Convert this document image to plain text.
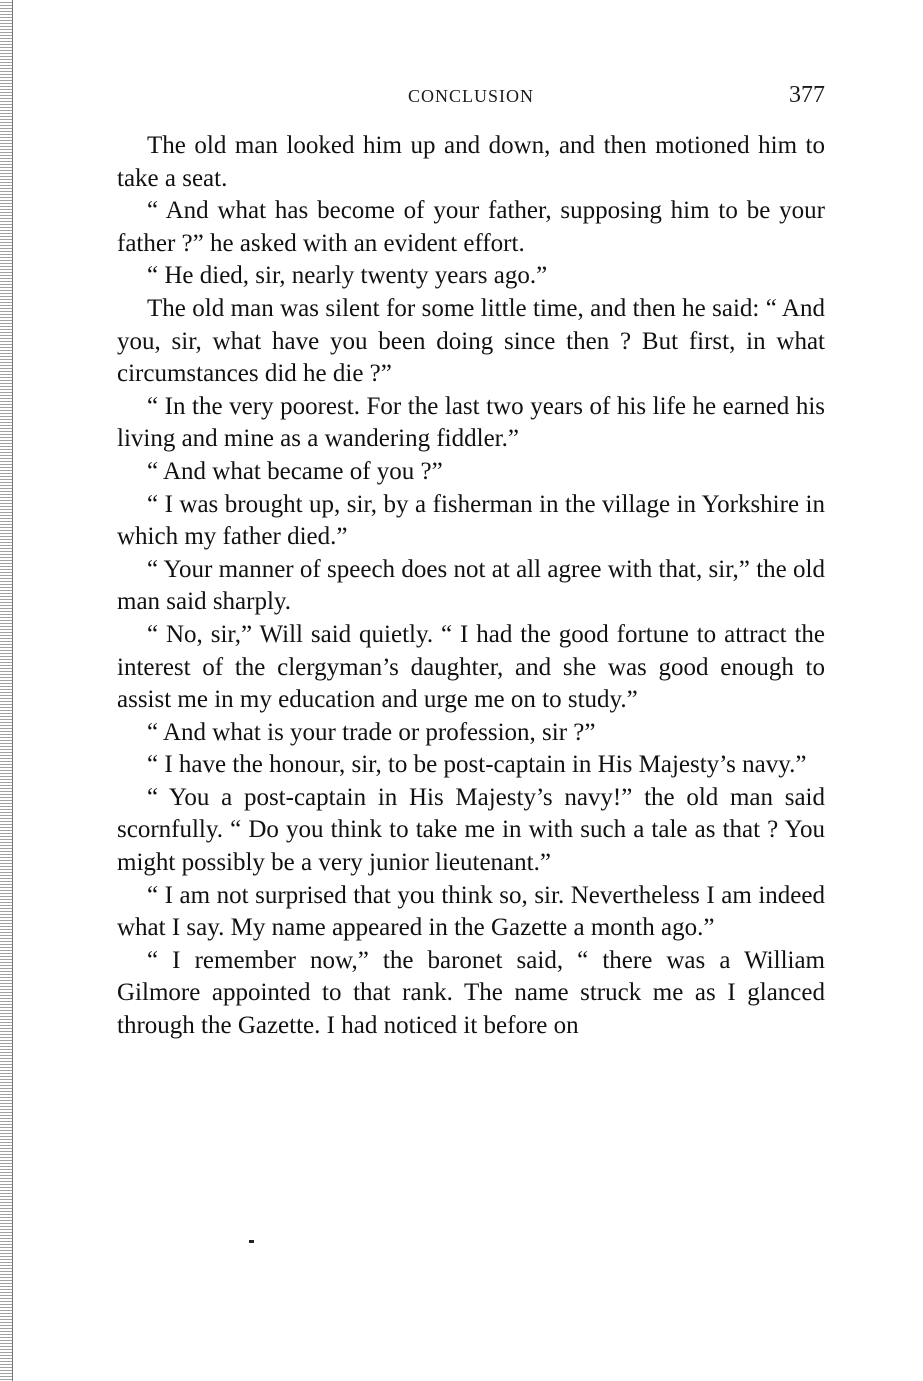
CONCLUSION	377

The old man looked him up and down, and then motioned him to take a seat.

“ And what has become of your father, supposing him to be your father ?” he asked with an evident effort.

“ He died, sir, nearly twenty years ago.”

The old man was silent for some little time, and then he said: “ And you, sir, what have you been doing since then ? But first, in what circumstances did he die ?”

“ In the very poorest. For the last two years of his life he earned his living and mine as a wandering fiddler.”

“ And what became of you ?”

“ I was brought up, sir, by a fisherman in the village in Yorkshire in which my father died.”

“ Your manner of speech does not at all agree with that, sir,” the old man said sharply.

“ No, sir,” Will said quietly. “ I had the good fortune to attract the interest of the clergyman’s daughter, and she was good enough to assist me in my education and urge me on to study.”

“ And what is your trade or profession, sir ?”

“ I have the honour, sir, to be post-captain in His Majesty’s navy.”

“ You a post-captain in His Majesty’s navy!” the old man said scornfully. “ Do you think to take me in with such a tale as that ? You might possibly be a very junior lieutenant.”

“ I am not surprised that you think so, sir. Nevertheless I am indeed what I say. My name appeared in the Gazette a month ago.”

“ I remember now,” the baronet said, “ there was a William Gilmore appointed to that rank. The name struck me as I glanced through the Gazette. I had noticed it before on
